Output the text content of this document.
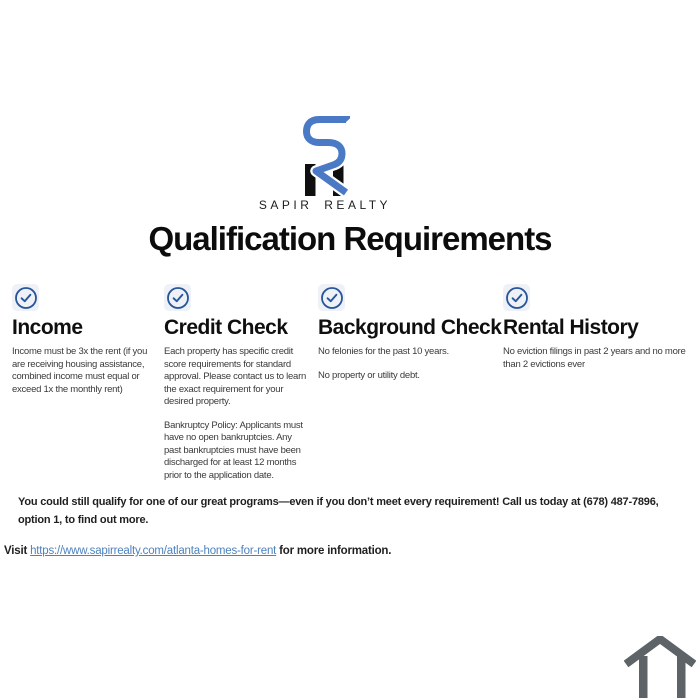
SAPIR REALTY
Qualification Requirements
Income

Income must be 3x the rent (if you are receiving housing assistance, combined income must equal or exceed 1x the monthly rent)

Credit Check

Each property has specific credit score requirements for standard approval. Please contact us to learn the exact requirement for your desired property.

Bankruptcy Policy: Applicants must have no open bankruptcies. Any past bankruptcies must have been discharged for at least 12 months prior to the application date.

Background Check

No felonies for the past 10 years.

No property or utility debt.

Rental History

No eviction filings in past 2 years and no more than 2 evictions ever

You could still qualify for one of our great programs—even if you don’t meet every requirement! Call us today at (678) 487-7896, option 1, to find out more.

Visit https://www.sapirrealty.com/atlanta-homes-for-rent for more information.
